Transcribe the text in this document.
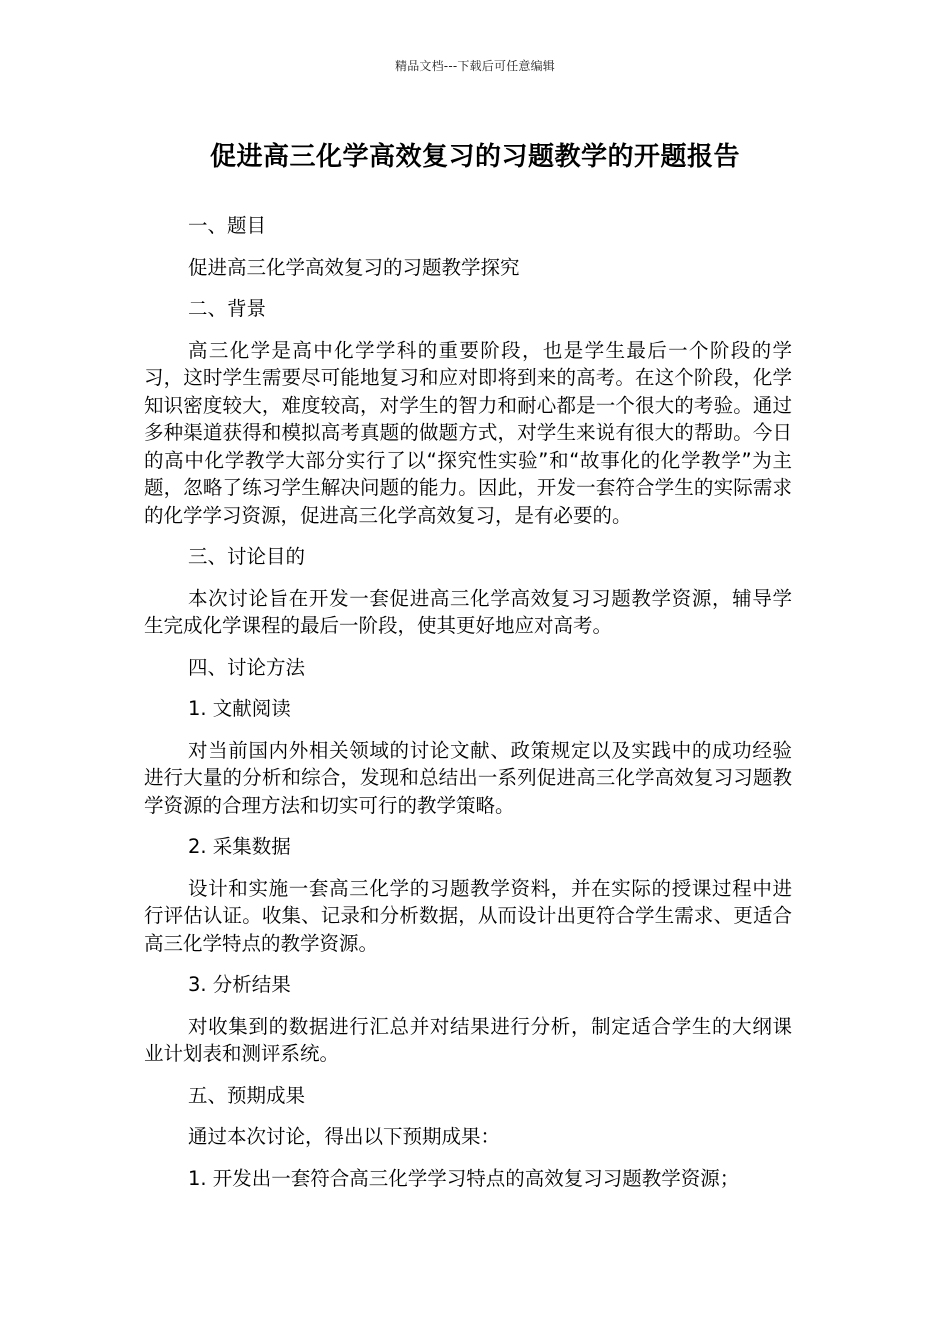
精品文档---下载后可任意编辑
促进高三化学高效复习的习题教学的开题报告

一、题目

促进高三化学高效复习的习题教学探究

二、背景

高三化学是高中化学学科的重要阶段，也是学生最后一个阶段的学习，这时学生需要尽可能地复习和应对即将到来的高考。在这个阶段，化学知识密度较大，难度较高，对学生的智力和耐心都是一个很大的考验。通过多种渠道获得和模拟高考真题的做题方式，对学生来说有很大的帮助。今日的高中化学教学大部分实行了以“探究性实验”和“故事化的化学教学”为主题，忽略了练习学生解决问题的能力。因此，开发一套符合学生的实际需求的化学学习资源，促进高三化学高效复习，是有必要的。

三、讨论目的

本次讨论旨在开发一套促进高三化学高效复习习题教学资源，辅导学生完成化学课程的最后一阶段，使其更好地应对高考。

四、讨论方法

1. 文献阅读

对当前国内外相关领域的讨论文献、政策规定以及实践中的成功经验进行大量的分析和综合，发现和总结出一系列促进高三化学高效复习习题教学资源的合理方法和切实可行的教学策略。

2. 采集数据

设计和实施一套高三化学的习题教学资料，并在实际的授课过程中进行评估认证。收集、记录和分析数据，从而设计出更符合学生需求、更适合高三化学特点的教学资源。

3. 分析结果

对收集到的数据进行汇总并对结果进行分析，制定适合学生的大纲课业计划表和测评系统。

五、预期成果

通过本次讨论，得出以下预期成果：

1. 开发出一套符合高三化学学习特点的高效复习习题教学资源；
